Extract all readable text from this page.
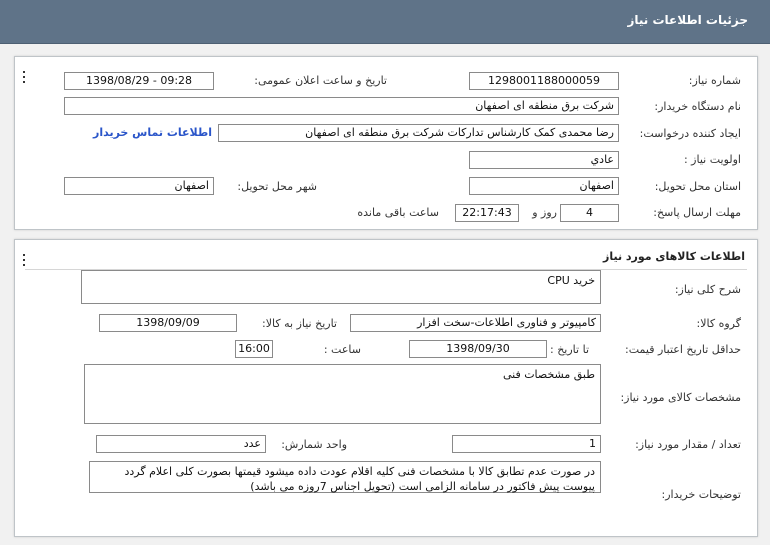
جزئیات اطلاعات نیاز
شماره نیاز:
1298001188000059
تاریخ و ساعت اعلان عمومی:
1398/08/29 - 09:28
نام دستگاه خریدار:
شرکت برق منطقه ای اصفهان
ایجاد کننده درخواست:
رضا محمدی کمک کارشناس تدارکات شرکت برق منطقه ای اصفهان
اطلاعات تماس خریدار
اولویت نیاز :
عادي
استان محل تحویل:
اصفهان
شهر محل تحویل:
اصفهان
مهلت ارسال پاسخ:
4
روز و
22:17:43
ساعت باقی مانده
اطلاعات کالاهای مورد نیاز
شرح کلی نیاز:
خرید CPU
گروه کالا:
کامپیوتر و فناوری اطلاعات-سخت افزار
تاریخ نیاز به کالا:
1398/09/09
حداقل تاریخ اعتبار قیمت:
تا تاریخ :
1398/09/30
ساعت :
16:00
مشخصات کالای مورد نیاز:
طبق مشخصات فنی
تعداد / مقدار مورد نیاز:
1
واحد شمارش:
عدد
توضیحات خریدار:
در صورت عدم تطابق کالا با مشخصات فنی کلیه اقلام عودت داده میشود قیمتها بصورت کلی اعلام گردد پیوست پیش فاکتور در سامانه الزامی است (تحویل اجناس 7روزه می باشد)
